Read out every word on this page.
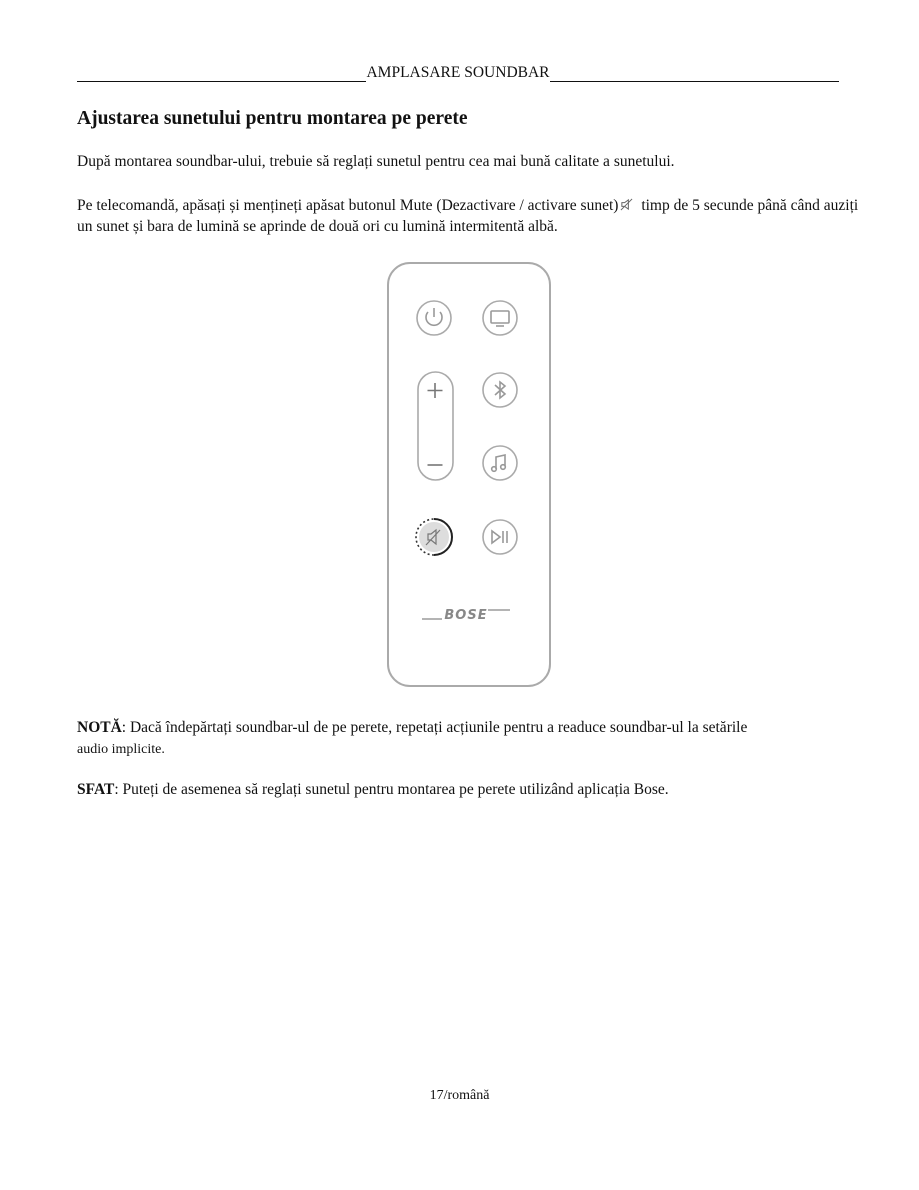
AMPLASARE SOUNDBAR
Ajustarea sunetului pentru montarea pe perete

După montarea soundbar-ului, trebuie să reglați sunetul pentru cea mai bună calitate a sunetului.

Pe telecomandă, apăsați și mențineți apăsat butonul Mute (Dezactivare / activare sunet) timp de 5 secunde până când auziți un sunet și bara de lumină se aprinde de două ori cu lumină intermitentă albă.

BOSE

NOTĂ: Dacă îndepărtați soundbar-ul de pe perete, repetați acțiunile pentru a readuce soundbar-ul la setările
audio implicite.

SFAT: Puteți de asemenea să reglați sunetul pentru montarea pe perete utilizând aplicația Bose.

17/română
